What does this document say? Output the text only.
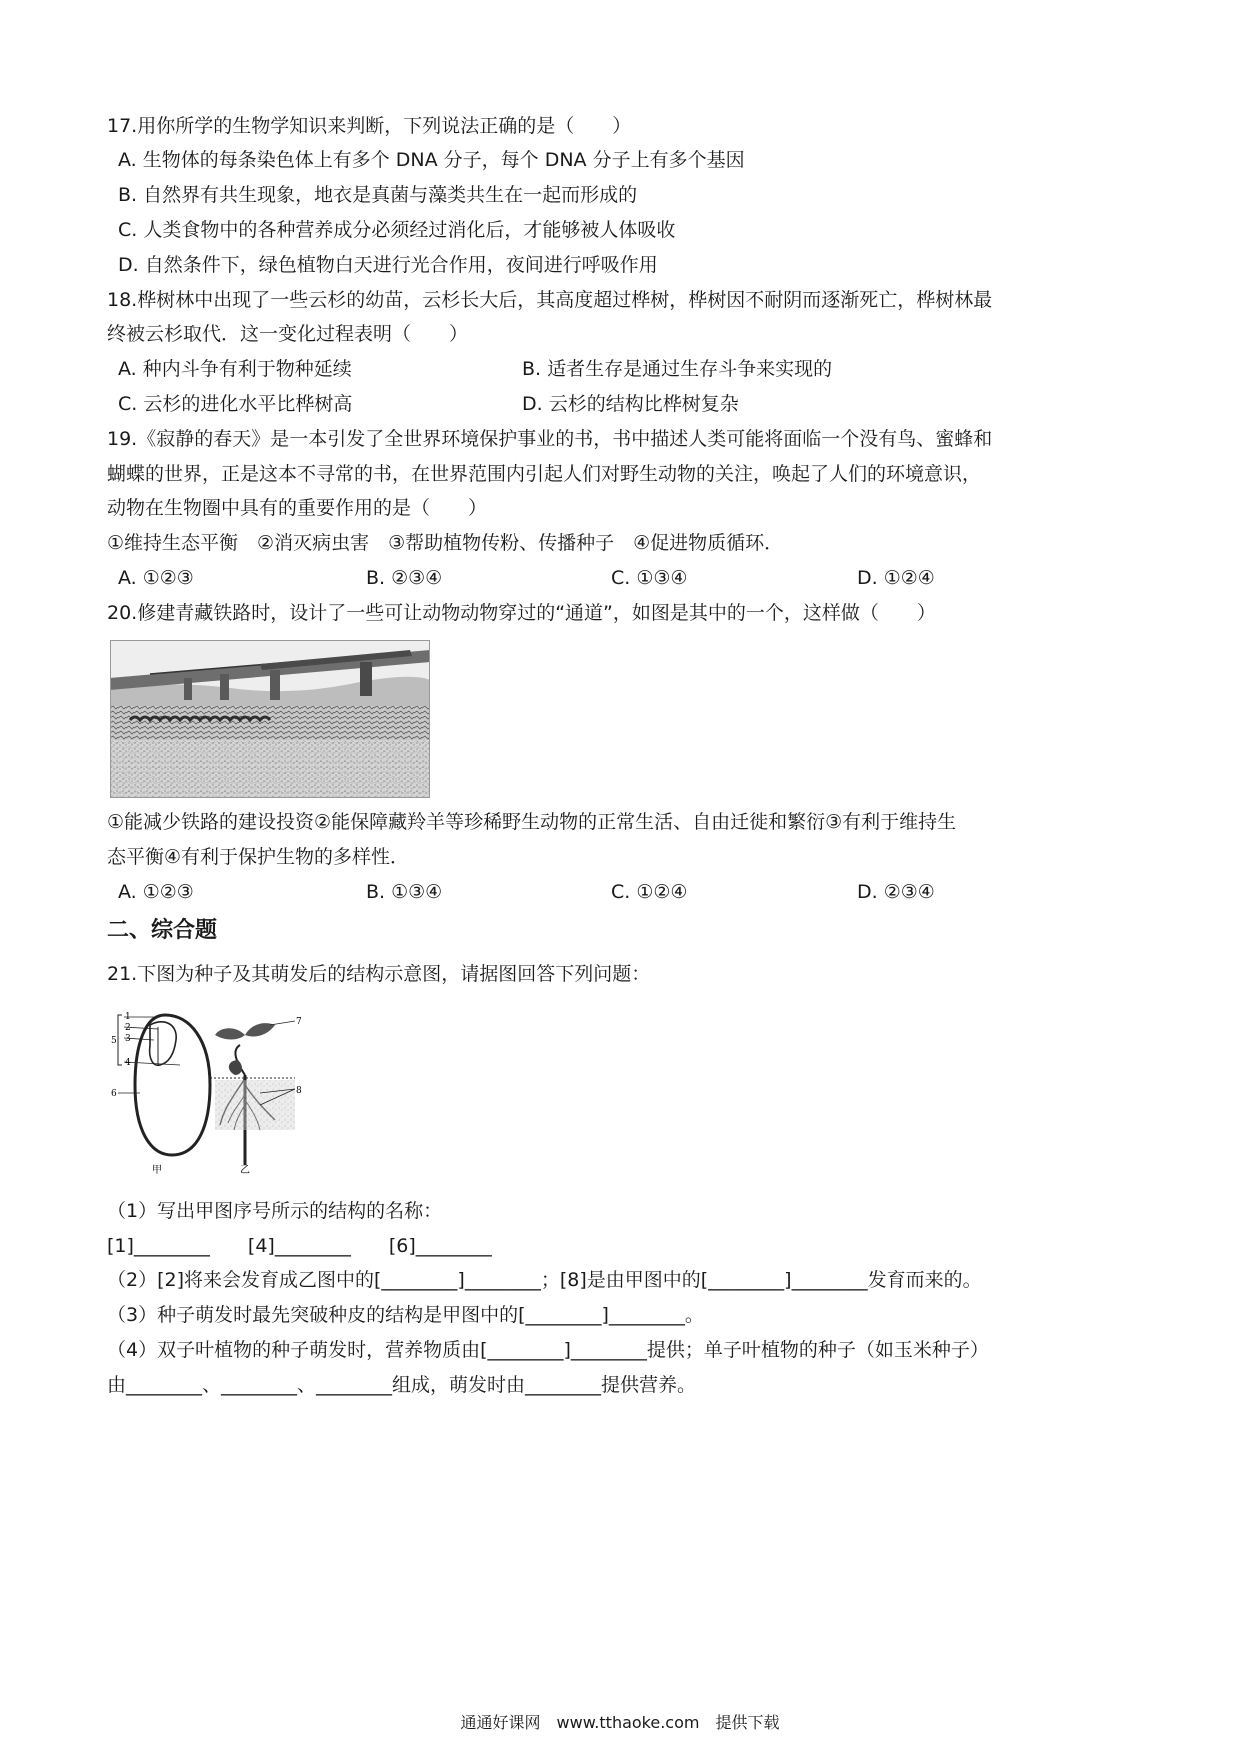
17.用你所学的生物学知识来判断，下列说法正确的是（　　）
A. 生物体的每条染色体上有多个 DNA 分子，每个 DNA 分子上有多个基因
B. 自然界有共生现象，地衣是真菌与藻类共生在一起而形成的
C. 人类食物中的各种营养成分必须经过消化后，才能够被人体吸收
D. 自然条件下，绿色植物白天进行光合作用，夜间进行呼吸作用
18.桦树林中出现了一些云杉的幼苗，云杉长大后，其高度超过桦树，桦树因不耐阴而逐渐死亡，桦树林最
终被云杉取代．这一变化过程表明（　　）
A. 种内斗争有利于物种延续	B. 适者生存是通过生存斗争来实现的
C. 云杉的进化水平比桦树高	D. 云杉的结构比桦树复杂
19.《寂静的春天》是一本引发了全世界环境保护事业的书，书中描述人类可能将面临一个没有鸟、蜜蜂和
蝴蝶的世界，正是这本不寻常的书，在世界范围内引起人们对野生动物的关注，唤起了人们的环境意识，
动物在生物圈中具有的重要作用的是（　　）
①维持生态平衡　②消灭病虫害　③帮助植物传粉、传播种子　④促进物质循环．
A. ①②③	B. ②③④	C. ①③④	D. ①②④
20.修建青藏铁路时，设计了一些可让动物动物穿过的“通道”，如图是其中的一个，这样做（　　）
①能减少铁路的建设投资②能保障藏羚羊等珍稀野生动物的正常生活、自由迁徙和繁衍③有利于维持生
态平衡④有利于保护生物的多样性．
A. ①②③	B. ①③④	C. ①②④	D. ②③④
二、综合题
21.下图为种子及其萌发后的结构示意图，请据图回答下列问题：
1
2
3
5
4
6
7
8
甲	乙
（1）写出甲图序号所示的结构的名称：
[1]________　　[4]________　　[6]________
（2）[2]将来会发育成乙图中的[________]________；[8]是由甲图中的[________]________发育而来的。
（3）种子萌发时最先突破种皮的结构是甲图中的[________]________。
（4）双子叶植物的种子萌发时，营养物质由[________]________提供；单子叶植物的种子（如玉米种子）
由________、________、________组成，萌发时由________提供营养。
通通好课网　www.tthaoke.com　提供下载
